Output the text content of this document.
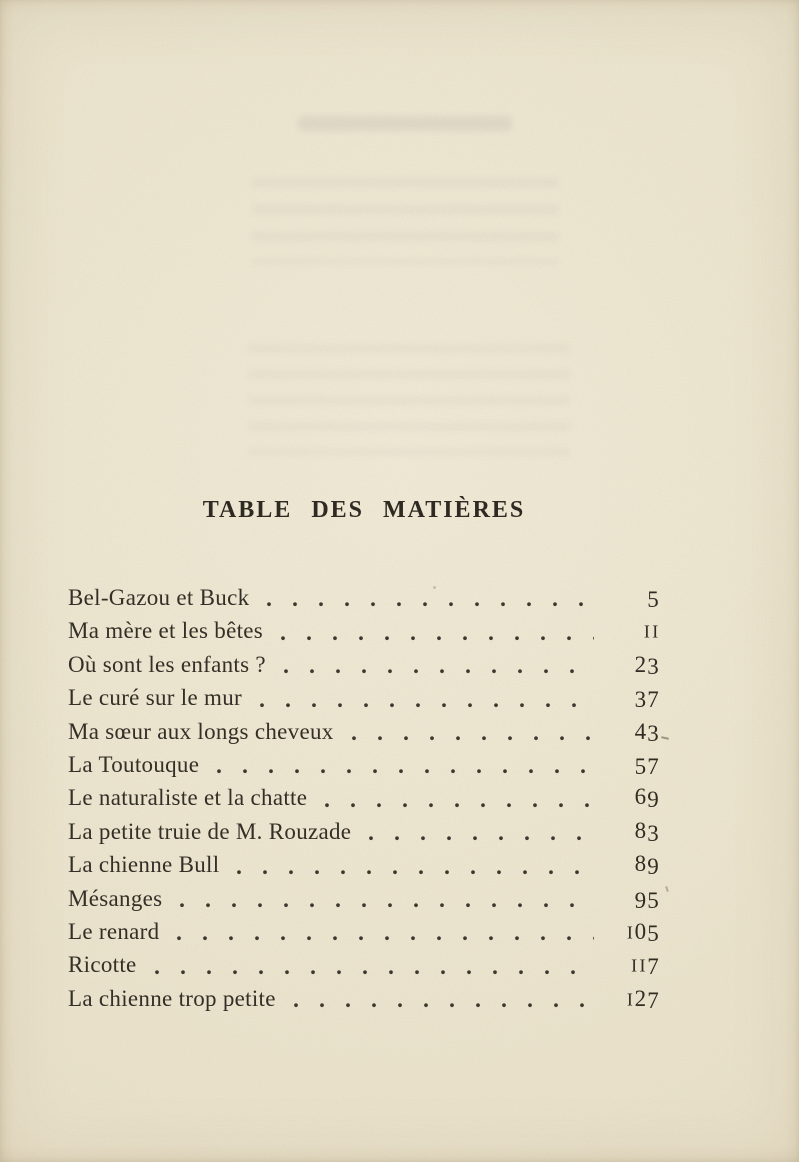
TABLE DES MATIÈRES
Bel-Gazou et Buck	5
Ma mère et les bêtes	II
Où sont les enfants ?	23
Le curé sur le mur	37
Ma sœur aux longs cheveux	43
La Toutouque	57
Le naturaliste et la chatte	69
La petite truie de M. Rouzade	83
La chienne Bull	89
Mésanges	95
Le renard	I05
Ricotte	II7
La chienne trop petite	I27
